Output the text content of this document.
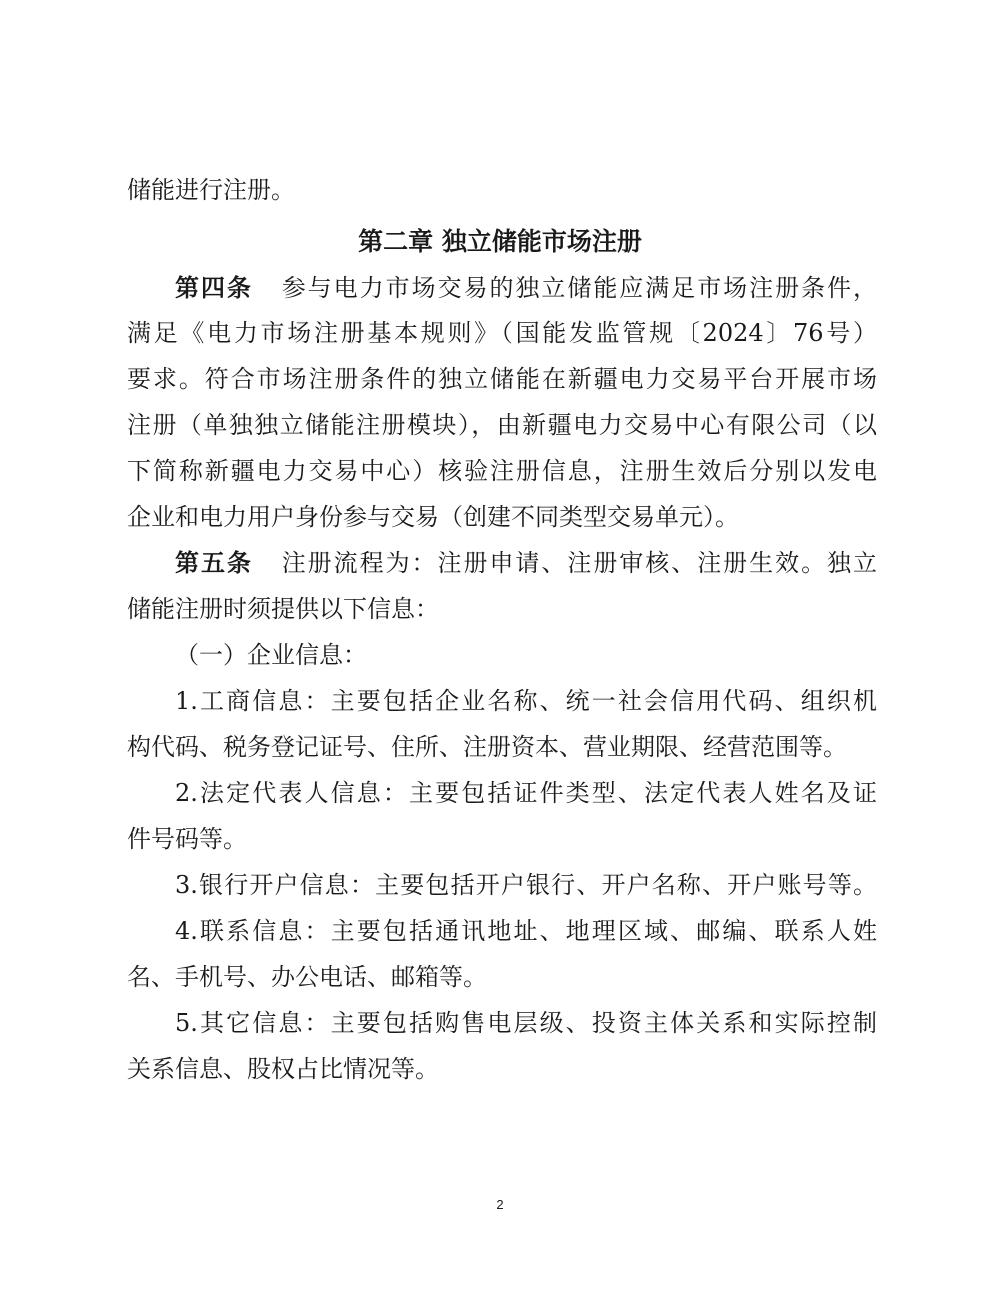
储能进行注册。
第二章 独立储能市场注册
第四条 参与电力市场交易的独立储能应满足市场注册条件，
满足《电力市场注册基本规则》（国能发监管规〔2024〕76号）
要求。符合市场注册条件的独立储能在新疆电力交易平台开展市场
注册（单独独立储能注册模块），由新疆电力交易中心有限公司（以
下简称新疆电力交易中心）核验注册信息，注册生效后分别以发电
企业和电力用户身份参与交易（创建不同类型交易单元）。
第五条 注册流程为：注册申请、注册审核、注册生效。独立
储能注册时须提供以下信息：
（一）企业信息：
1.工商信息：主要包括企业名称、统一社会信用代码、组织机
构代码、税务登记证号、住所、注册资本、营业期限、经营范围等。
2.法定代表人信息：主要包括证件类型、法定代表人姓名及证
件号码等。
3.银行开户信息：主要包括开户银行、开户名称、开户账号等。
4.联系信息：主要包括通讯地址、地理区域、邮编、联系人姓
名、手机号、办公电话、邮箱等。
5.其它信息：主要包括购售电层级、投资主体关系和实际控制
关系信息、股权占比情况等。
2
